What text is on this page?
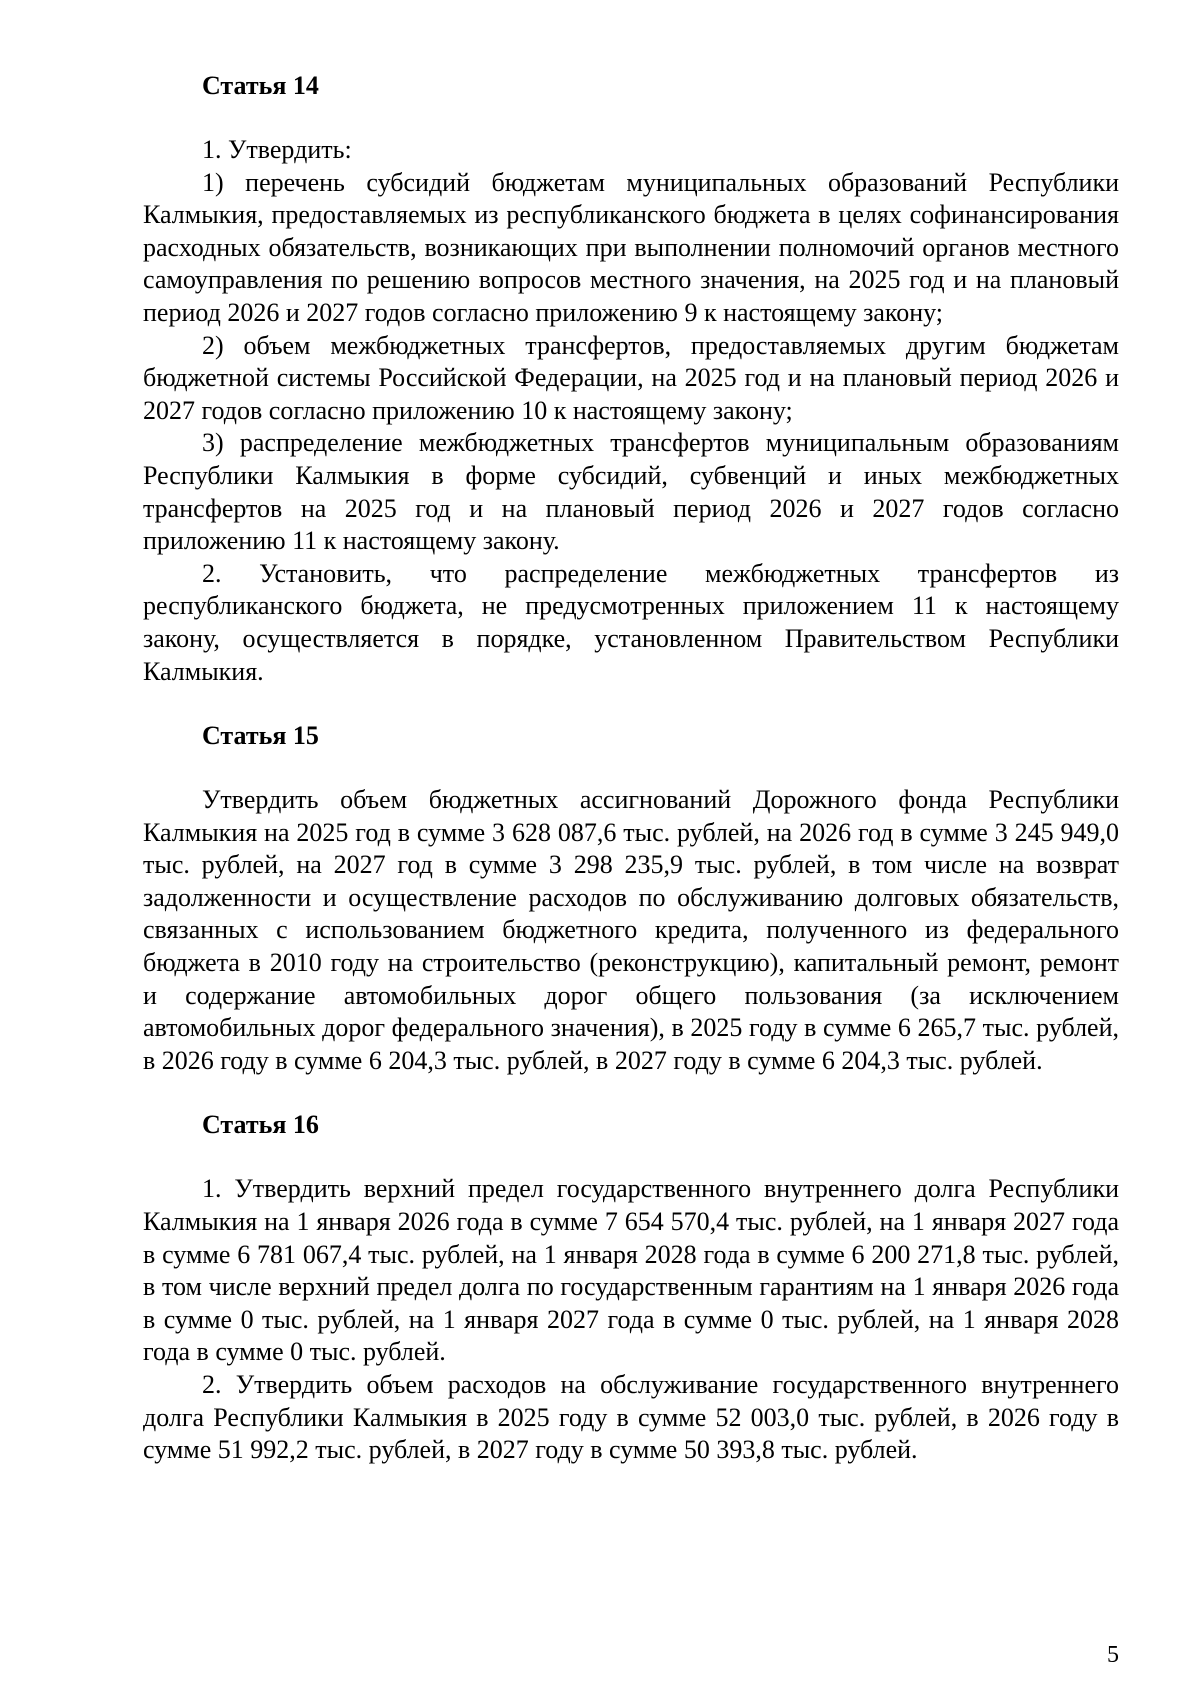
Статья 14

1. Утвердить:

1) перечень субсидий бюджетам муниципальных образований Республики Калмыкия, предоставляемых из республиканского бюджета в целях софинансирования расходных обязательств, возникающих при выполнении полномочий органов местного самоуправления по решению вопросов местного значения, на 2025 год и на плановый период 2026 и 2027 годов согласно приложению 9 к настоящему закону;

2) объем межбюджетных трансфертов, предоставляемых другим бюджетам бюджетной системы Российской Федерации, на 2025 год и на плановый период 2026 и 2027 годов согласно приложению 10 к настоящему закону;

3) распределение межбюджетных трансфертов муниципальным образованиям Республики Калмыкия в форме субсидий, субвенций и иных межбюджетных трансфертов на 2025 год и на плановый период 2026 и 2027 годов согласно приложению 11 к настоящему закону.

2. Установить, что распределение межбюджетных трансфертов из республиканского бюджета, не предусмотренных приложением 11 к настоящему закону, осуществляется в порядке, установленном Правительством Республики Калмыкия.

Статья 15

Утвердить объем бюджетных ассигнований Дорожного фонда Республики Калмыкия на 2025 год в сумме 3 628 087,6 тыс. рублей, на 2026 год в сумме 3 245 949,0 тыс. рублей, на 2027 год в сумме 3 298 235,9 тыс. рублей, в том числе на возврат задолженности и осуществление расходов по обслуживанию долговых обязательств, связанных с использованием бюджетного кредита, полученного из федерального бюджета в 2010 году на строительство (реконструкцию), капитальный ремонт, ремонт и содержание автомобильных дорог общего пользования (за исключением автомобильных дорог федерального значения), в 2025 году в сумме 6 265,7 тыс. рублей, в 2026 году в сумме 6 204,3 тыс. рублей, в 2027 году в сумме 6 204,3 тыс. рублей.

Статья 16

1. Утвердить верхний предел государственного внутреннего долга Республики Калмыкия на 1 января 2026 года в сумме 7 654 570,4 тыс. рублей, на 1 января 2027 года в сумме 6 781 067,4 тыс. рублей, на 1 января 2028 года в сумме 6 200 271,8 тыс. рублей, в том числе верхний предел долга по государственным гарантиям на 1 января 2026 года в сумме 0 тыс. рублей, на 1 января 2027 года в сумме 0 тыс. рублей, на 1 января 2028 года в сумме 0 тыс. рублей.

2. Утвердить объем расходов на обслуживание государственного внутреннего долга Республики Калмыкия в 2025 году в сумме 52 003,0 тыс. рублей, в 2026 году в сумме 51 992,2 тыс. рублей, в 2027 году в сумме 50 393,8 тыс. рублей.

5
